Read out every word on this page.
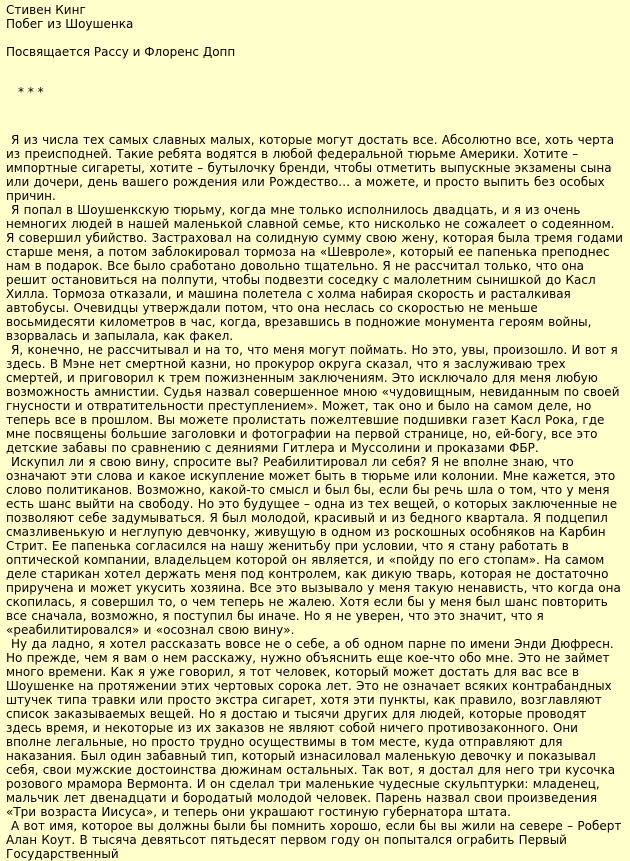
Стивен Кинг
Побег из Шоушенка
Посвящается Рассу и Флоренс Допп
* * *

Я из числа тех самых славных малых, которые могут достать все. Абсолютно все, хоть черта из преисподней. Такие ребята водятся в любой федеральной тюрьме Америки. Хотите – импортные сигареты, хотите – бутылочку бренди, чтобы отметить выпускные экзамены сына или дочери, день вашего рождения или Рождество… а можете, и просто выпить без особых причин.

Я попал в Шоушенкскую тюрьму, когда мне только исполнилось двадцать, и я из очень немногих людей в нашей маленькой славной семье, кто нисколько не сожалеет о содеянном. Я совершил убийство. Застраховал на солидную сумму свою жену, которая была тремя годами старше меня, а потом заблокировал тормоза на «Шевроле», который ее папенька преподнес нам в подарок. Все было сработано довольно тщательно. Я не рассчитал только, что она решит остановиться на полпути, чтобы подвезти соседку с малолетним сынишкой до Касл Хилла. Тормоза отказали, и машина полетела с холма набирая скорость и расталкивая автобусы. Очевидцы утверждали потом, что она неслась со скоростью не меньше восьмидесяти километров в час, когда, врезавшись в подножие монумента героям войны, взорвалась и запылала, как факел.

Я, конечно, не рассчитывал и на то, что меня могут поймать. Но это, увы, произошло. И вот я здесь. В Мэне нет смертной казни, но прокурор округа сказал, что я заслуживаю трех смертей, и приговорил к трем пожизненным заключениям. Это исключало для меня любую возможность амнистии. Судья назвал совершенное мною «чудовищным, невиданным по своей гнусности и отвратительности преступлением». Может, так оно и было на самом деле, но теперь все в прошлом. Вы можете пролистать пожелтевшие подшивки газет Касл Рока, где мне посвящены большие заголовки и фотографии на первой странице, но, ей-богу, все это детские забавы по сравнению с деяниями Гитлера и Муссолини и проказами ФБР.

Искупил ли я свою вину, спросите вы? Реабилитировал ли себя? Я не вполне знаю, что означают эти слова и какое искупление может быть в тюрьме или колонии. Мне кажется, это слово политиканов. Возможно, какой-то смысл и был бы, если бы речь шла о том, что у меня есть шанс выйти на свободу. Но это будущее – одна из тех вещей, о которых заключенные не позволяют себе задумываться. Я был молодой, красивый и из бедного квартала. Я подцепил смазливенькую и неглупую девчонку, живущую в одном из роскошных особняков на Карбин Стрит. Ее папенька согласился на нашу женитьбу при условии, что я стану работать в оптической компании, владельцем которой он является, и «пойду по его стопам». На самом деле старикан хотел держать меня под контролем, как дикую тварь, которая не достаточно приручена и может укусить хозяина. Все это вызывало у меня такую ненависть, что когда она скопилась, я совершил то, о чем теперь не жалею. Хотя если бы у меня был шанс повторить все сначала, возможно, я поступил бы иначе. Но я не уверен, что это значит, что я «реабилитировался» и «осознал свою вину».

Ну да ладно, я хотел рассказать вовсе не о себе, а об одном парне по имени Энди Дюфресн. Но прежде, чем я вам о нем расскажу, нужно объяснить еще кое-что обо мне. Это не займет много времени. Как я уже говорил, я тот человек, который может достать для вас все в Шоушенке на протяжении этих чертовых сорока лет. Это не означает всяких контрабандных штучек типа травки или просто экстра сигарет, хотя эти пункты, как правило, возглавляют список заказываемых вещей. Но я достаю и тысячи других для людей, которые проводят здесь время, и некоторые из их заказов не являют собой ничего противозаконного. Они вполне легальные, но просто трудно осуществимы в том месте, куда отправляют для наказания. Был один забавный тип, который изнасиловал маленькую девочку и показывал себя, свои мужские достоинства дюжинам остальных. Так вот, я достал для него три кусочка розового мрамора Вермонта. И он сделал три маленькие чудесные скульптурки: младенец, мальчик лет двенадцати и бородатый молодой человек. Парень назвал свои произведения «Три возраста Иисуса», и теперь они украшают гостиную губернатора штата.

А вот имя, которое вы должны были бы помнить хорошо, если бы вы жили на севере – Роберт Алан Коут. В тысяча девятьсот пятьдесят первом году он попытался ограбить Первый Государственный
